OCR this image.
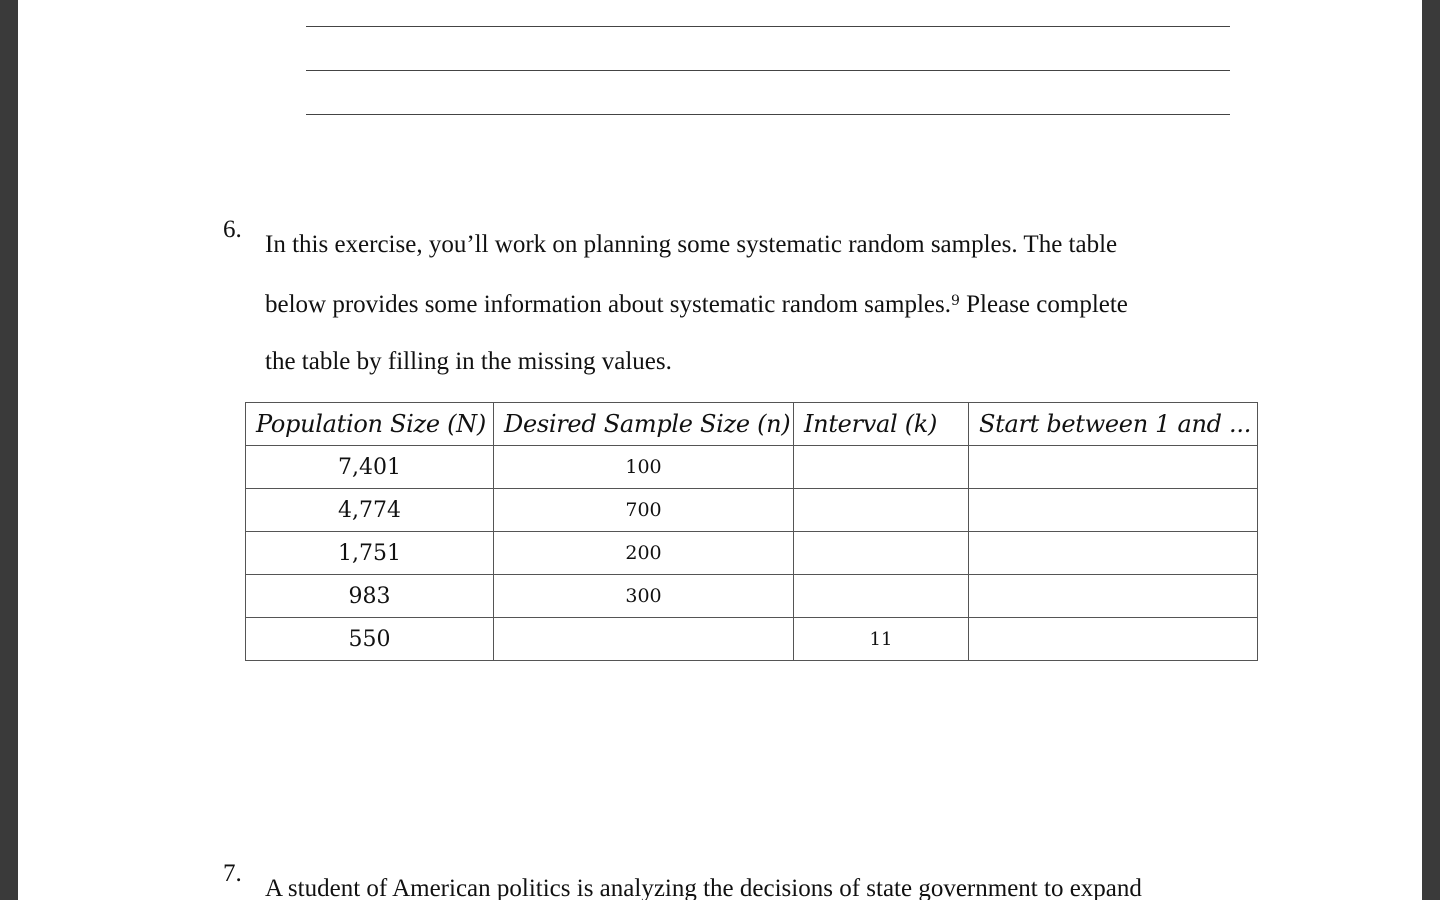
6.
In this exercise, you’ll work on planning some systematic random samples. The table
below provides some information about systematic random samples.$^9$ Please complete
the table by filling in the missing values.
Population Size (N)	Desired Sample Size (n)	Interval (k)	Start between 1 and ...
7,401	100		
4,774	700		
1,751	200		
983	300		
550		11	
7.
A student of American politics is analyzing the decisions of state government to expand
